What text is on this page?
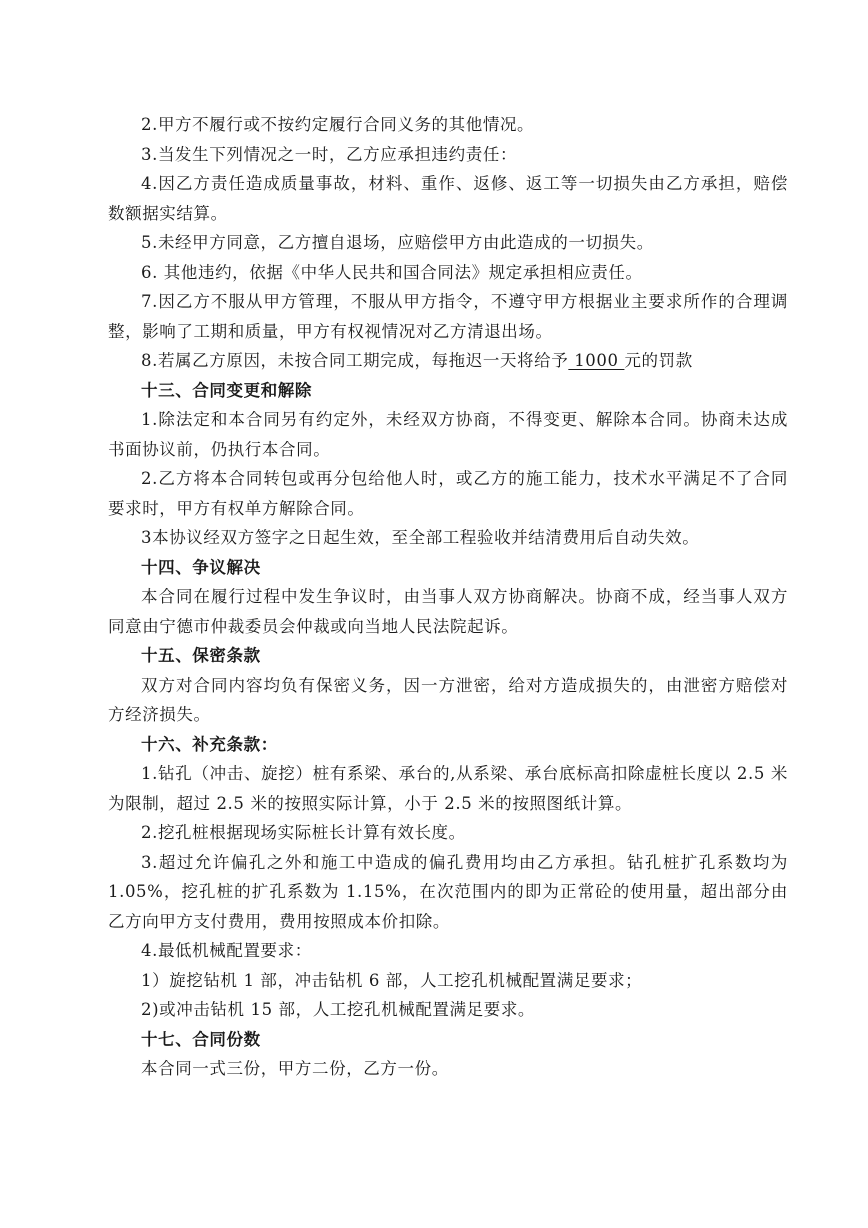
2.甲方不履行或不按约定履行合同义务的其他情况。

3.当发生下列情况之一时，乙方应承担违约责任：

4.因乙方责任造成质量事故，材料、重作、返修、返工等一切损失由乙方承担，赔偿数额据实结算。

5.未经甲方同意，乙方擅自退场，应赔偿甲方由此造成的一切损失。

6. 其他违约，依据《中华人民共和国合同法》规定承担相应责任。

7.因乙方不服从甲方管理，不服从甲方指令，不遵守甲方根据业主要求所作的合理调整，影响了工期和质量，甲方有权视情况对乙方清退出场。

8.若属乙方原因，未按合同工期完成，每拖迟一天将给予 1000 元的罚款

十三、合同变更和解除

1.除法定和本合同另有约定外，未经双方协商，不得变更、解除本合同。协商未达成书面协议前，仍执行本合同。

2.乙方将本合同转包或再分包给他人时，或乙方的施工能力，技术水平满足不了合同要求时，甲方有权单方解除合同。

3本协议经双方签字之日起生效，至全部工程验收并结清费用后自动失效。

十四、争议解决

本合同在履行过程中发生争议时，由当事人双方协商解决。协商不成，经当事人双方同意由宁德市仲裁委员会仲裁或向当地人民法院起诉。

十五、保密条款

双方对合同内容均负有保密义务，因一方泄密，给对方造成损失的，由泄密方赔偿对方经济损失。

十六、补充条款：

1.钻孔（冲击、旋挖）桩有系梁、承台的,从系梁、承台底标高扣除虚桩长度以 2.5 米为限制，超过 2.5 米的按照实际计算，小于 2.5 米的按照图纸计算。

2.挖孔桩根据现场实际桩长计算有效长度。

3.超过允许偏孔之外和施工中造成的偏孔费用均由乙方承担。钻孔桩扩孔系数均为 1.05%，挖孔桩的扩孔系数为 1.15%，在次范围内的即为正常砼的使用量，超出部分由乙方向甲方支付费用，费用按照成本价扣除。

4.最低机械配置要求：

1）旋挖钻机 1 部，冲击钻机 6 部，人工挖孔机械配置满足要求；

2)或冲击钻机 15 部，人工挖孔机械配置满足要求。

十七、合同份数

本合同一式三份，甲方二份，乙方一份。
